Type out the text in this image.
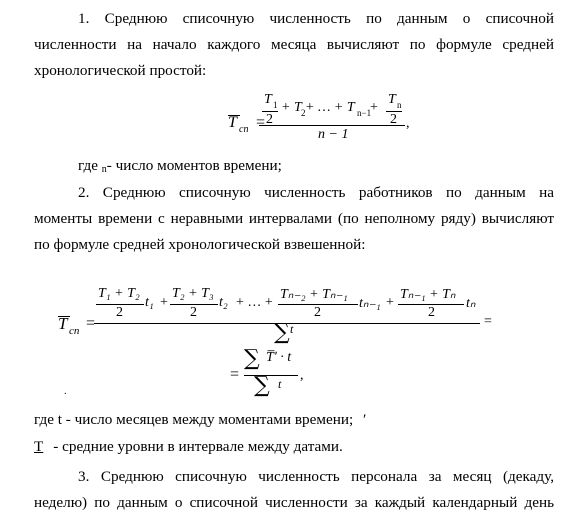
1. Среднюю списочную численность по данным о списочной
численности на начало каждого месяца вычисляют по формуле средней
хронологической простой:
T сп =
T 1
2
+ T 2 + … + T n−1
+
T n
2
n − 1
,
где n- число моментов времени;
2. Среднюю списочную численность работников по данным на
моменты времени с неравными интервалами (по неполному ряду) вычисляют
по формуле средней хронологической взвешенной:
T сп =
T₁ + T₂
2
t₁ +
T₂ + T₃
2
t₂ + … +
Tₙ₋₂ + Tₙ₋₁
2
tₙ₋₁ +
Tₙ₋₁ + Tₙ
2
tₙ
=
∑ t
=
∑ T̅ʹ · t
∑ t
,
.
где t - число месяцев между моментами времени; ʹ
T - средние уровни в интервале между датами.
3. Среднюю списочную численность персонала за месяц (декаду,
неделю) по данным о списочной численности за каждый календарный день
